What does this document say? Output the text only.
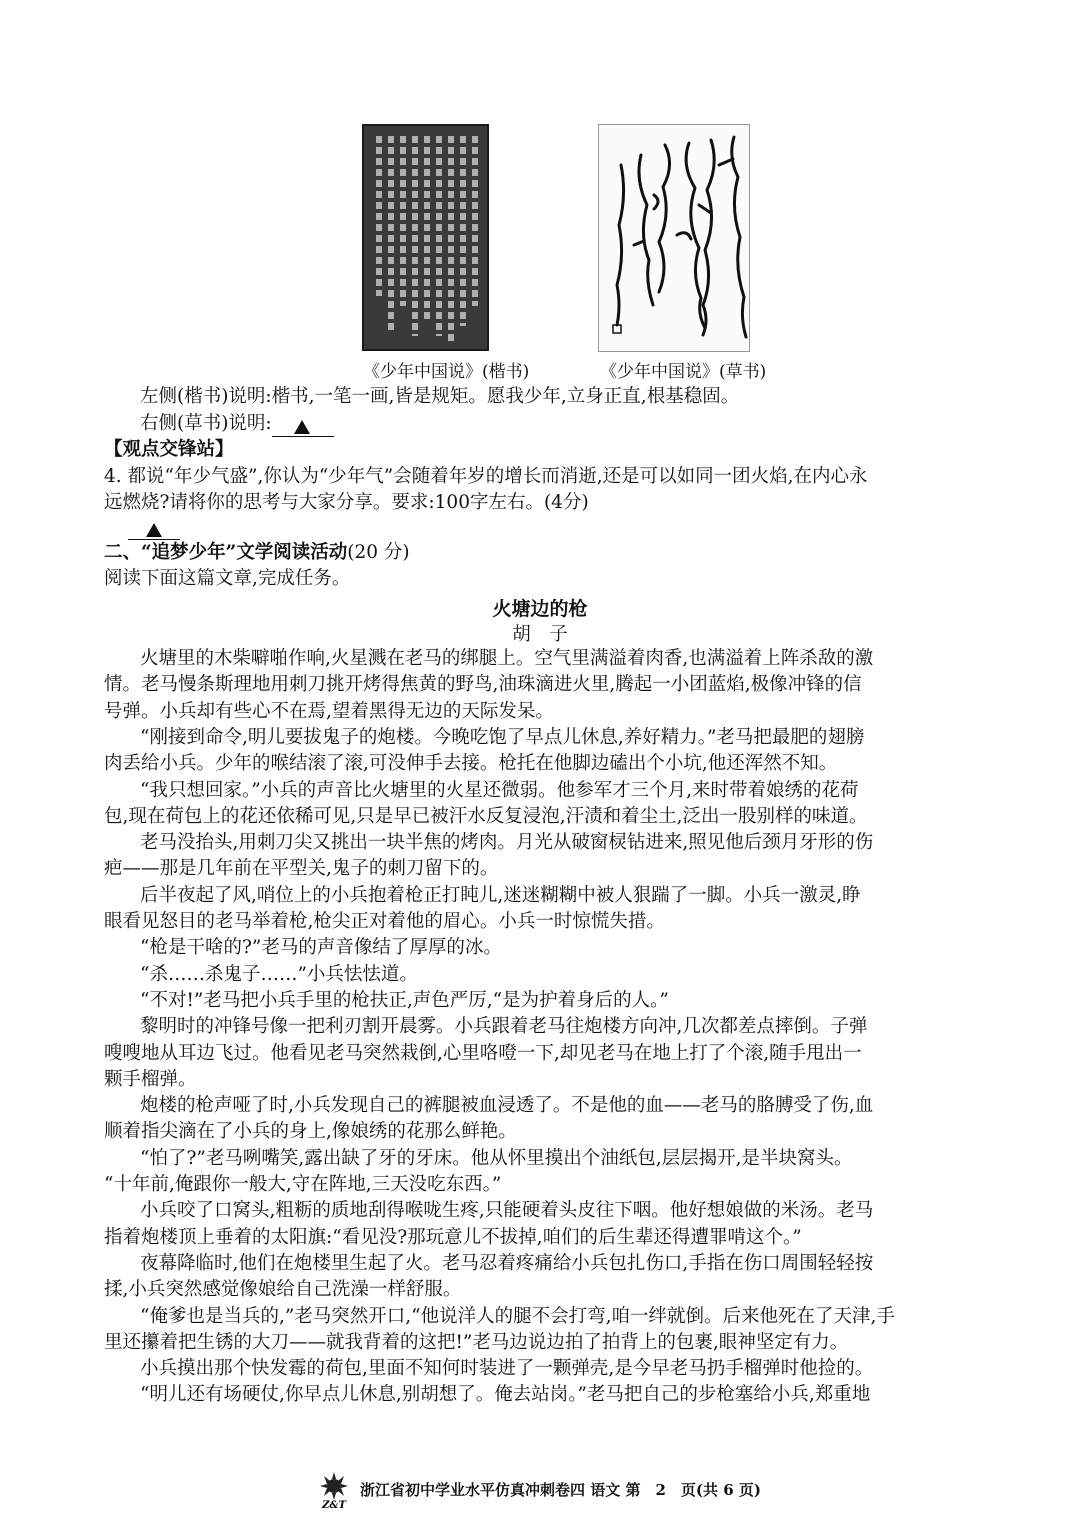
《少年中国说》(楷书)	《少年中国说》(草书)
左侧(楷书)说明:楷书,一笔一画,皆是规矩。愿我少年,立身正直,根基稳固。
右侧(草书)说明:
【观点交锋站】
4. 都说“年少气盛”,你认为“少年气”会随着年岁的增长而消逝,还是可以如同一团火焰,在内心永
远燃烧?请将你的思考与大家分享。要求:100字左右。(4分)
二、“追梦少年”文学阅读活动(20 分)
阅读下面这篇文章,完成任务。
火塘边的枪
胡　子
火塘里的木柴噼啪作响,火星溅在老马的绑腿上。空气里满溢着肉香,也满溢着上阵杀敌的激
情。老马慢条斯理地用刺刀挑开烤得焦黄的野鸟,油珠滴进火里,腾起一小团蓝焰,极像冲锋的信
号弹。小兵却有些心不在焉,望着黑得无边的天际发呆。
“刚接到命令,明儿要拔鬼子的炮楼。今晚吃饱了早点儿休息,养好精力。”老马把最肥的翅膀
肉丢给小兵。少年的喉结滚了滚,可没伸手去接。枪托在他脚边磕出个小坑,他还浑然不知。
“我只想回家。”小兵的声音比火塘里的火星还微弱。他参军才三个月,来时带着娘绣的花荷
包,现在荷包上的花还依稀可见,只是早已被汗水反复浸泡,汗渍和着尘土,泛出一股别样的味道。
老马没抬头,用刺刀尖又挑出一块半焦的烤肉。月光从破窗棂钻进来,照见他后颈月牙形的伤
疤——那是几年前在平型关,鬼子的刺刀留下的。
后半夜起了风,哨位上的小兵抱着枪正打盹儿,迷迷糊糊中被人狠踹了一脚。小兵一激灵,睁
眼看见怒目的老马举着枪,枪尖正对着他的眉心。小兵一时惊慌失措。
“枪是干啥的?”老马的声音像结了厚厚的冰。
“杀……杀鬼子……”小兵怯怯道。
“不对!”老马把小兵手里的枪扶正,声色严厉,“是为护着身后的人。”
黎明时的冲锋号像一把利刃割开晨雾。小兵跟着老马往炮楼方向冲,几次都差点摔倒。子弹
嗖嗖地从耳边飞过。他看见老马突然栽倒,心里咯噔一下,却见老马在地上打了个滚,随手甩出一
颗手榴弹。
炮楼的枪声哑了时,小兵发现自己的裤腿被血浸透了。不是他的血——老马的胳膊受了伤,血
顺着指尖滴在了小兵的身上,像娘绣的花那么鲜艳。
“怕了?”老马咧嘴笑,露出缺了牙的牙床。他从怀里摸出个油纸包,层层揭开,是半块窝头。
“十年前,俺跟你一般大,守在阵地,三天没吃东西。”
小兵咬了口窝头,粗粝的质地刮得喉咙生疼,只能硬着头皮往下咽。他好想娘做的米汤。老马
指着炮楼顶上垂着的太阳旗:“看见没?那玩意儿不拔掉,咱们的后生辈还得遭罪啃这个。”
夜幕降临时,他们在炮楼里生起了火。老马忍着疼痛给小兵包扎伤口,手指在伤口周围轻轻按
揉,小兵突然感觉像娘给自己洗澡一样舒服。
“俺爹也是当兵的,”老马突然开口,“他说洋人的腿不会打弯,咱一绊就倒。后来他死在了天津,手
里还攥着把生锈的大刀——就我背着的这把!”老马边说边拍了拍背上的包裹,眼神坚定有力。
小兵摸出那个快发霉的荷包,里面不知何时装进了一颗弹壳,是今早老马扔手榴弹时他捡的。
“明儿还有场硬仗,你早点儿休息,别胡想了。俺去站岗。”老马把自己的步枪塞给小兵,郑重地
Z&T
浙江省初中学业水平仿真冲刺卷四 语文 第　2　页(共 6 页)
